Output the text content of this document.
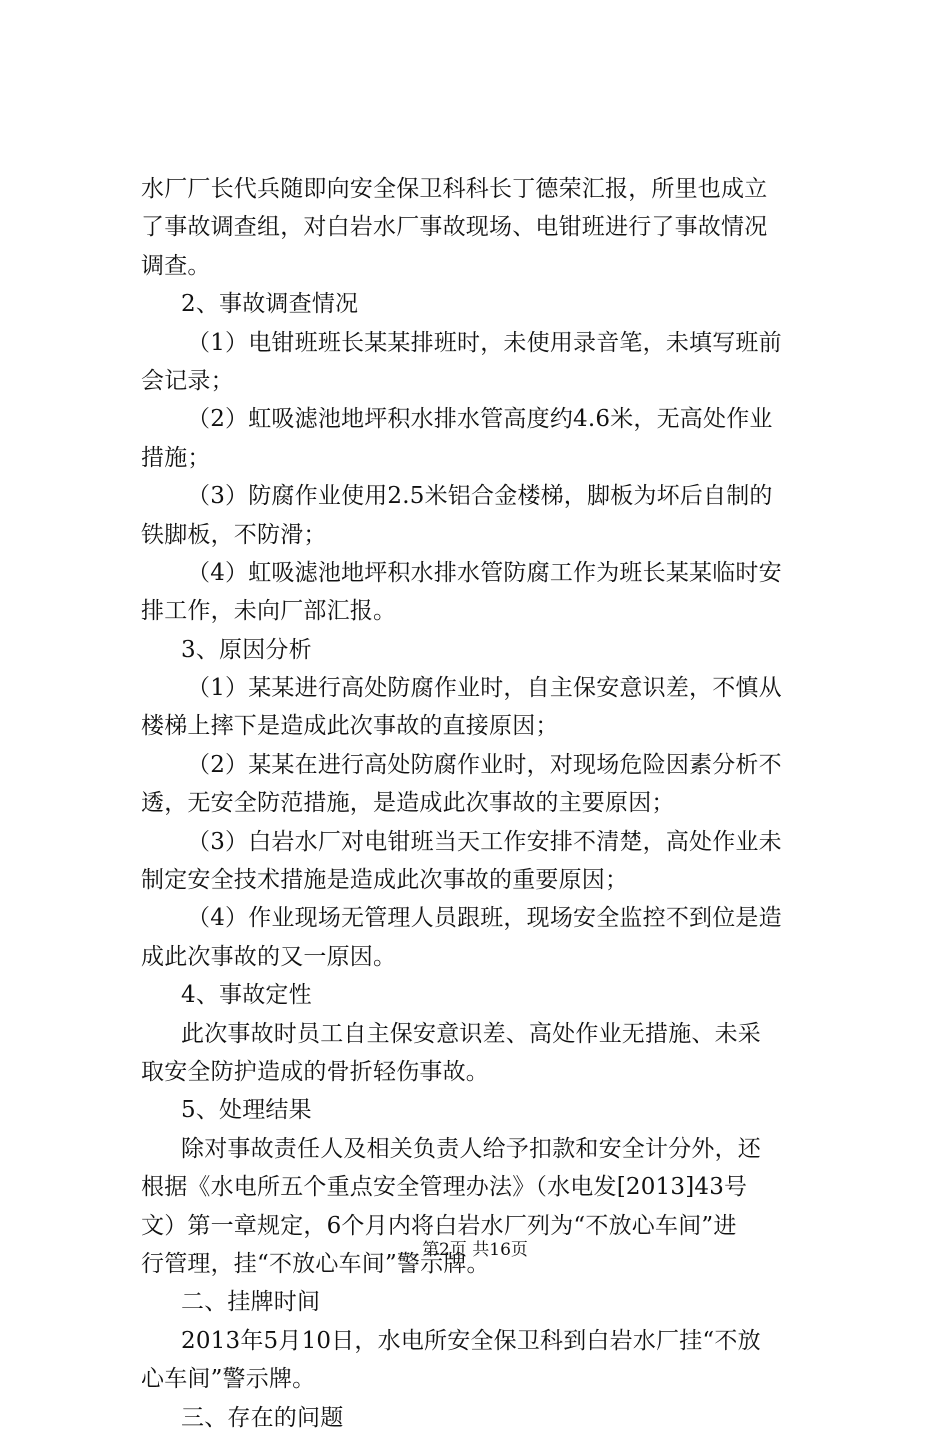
水厂厂长代兵随即向安全保卫科科长丁德荣汇报，所里也成立
了事故调查组，对白岩水厂事故现场、电钳班进行了事故情况
调查。
2、事故调查情况
（1）电钳班班长某某排班时，未使用录音笔，未填写班前
会记录；
（2）虹吸滤池地坪积水排水管高度约4.6米，无高处作业
措施；
（3）防腐作业使用2.5米铝合金楼梯，脚板为坏后自制的
铁脚板，不防滑；
（4）虹吸滤池地坪积水排水管防腐工作为班长某某临时安
排工作，未向厂部汇报。
3、原因分析
（1）某某进行高处防腐作业时，自主保安意识差，不慎从
楼梯上摔下是造成此次事故的直接原因；
（2）某某在进行高处防腐作业时，对现场危险因素分析不
透，无安全防范措施，是造成此次事故的主要原因；
（3）白岩水厂对电钳班当天工作安排不清楚，高处作业未
制定安全技术措施是造成此次事故的重要原因；
（4）作业现场无管理人员跟班，现场安全监控不到位是造
成此次事故的又一原因。
4、事故定性
此次事故时员工自主保安意识差、高处作业无措施、未采
取安全防护造成的骨折轻伤事故。
5、处理结果
除对事故责任人及相关负责人给予扣款和安全计分外，还
根据《水电所五个重点安全管理办法》（水电发[2013]43号
文）第一章规定，6个月内将白岩水厂列为“不放心车间”进
行管理，挂“不放心车间”警示牌。
二、挂牌时间
2013年5月10日，水电所安全保卫科到白岩水厂挂“不放
心车间”警示牌。
三、存在的问题
第2页 共16页
